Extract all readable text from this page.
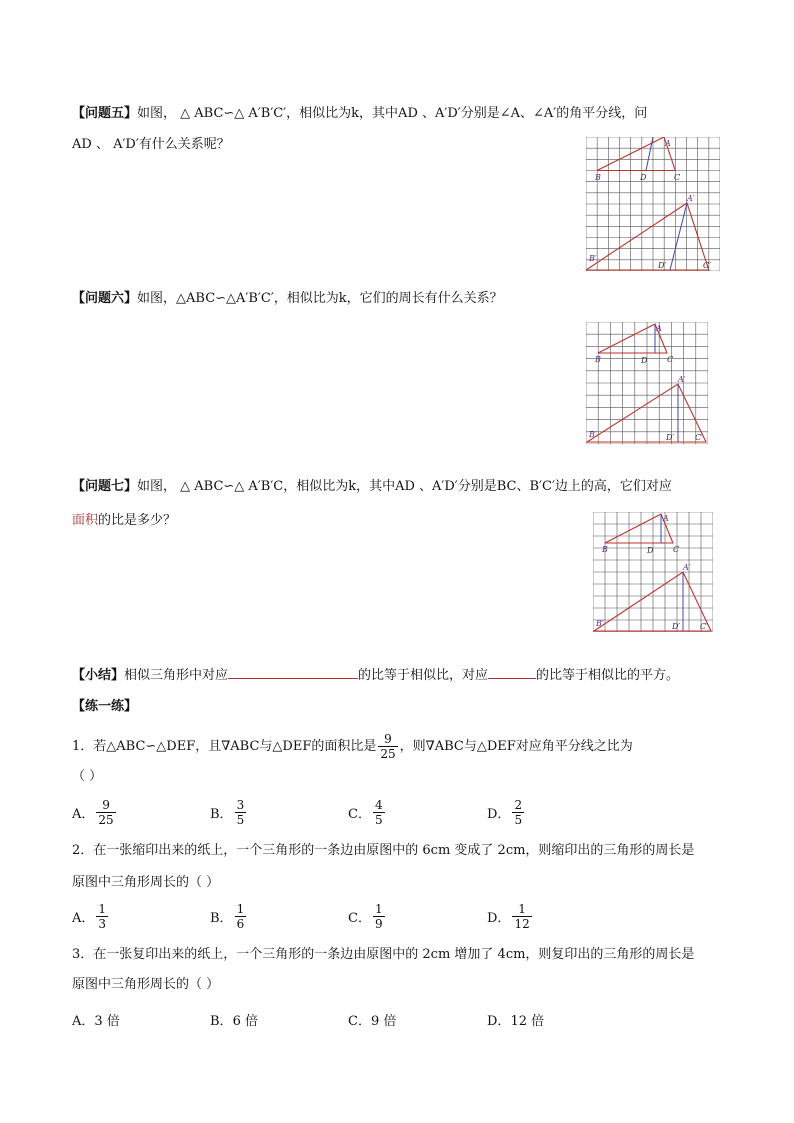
【问题五】如图， △ ABC∽△ A′B′C′，相似比为k，其中AD 、A′D′分别是∠A、∠A′的角平分线，问
AD 、 A′D′有什么关系呢？
B	D
A
C
B′
D′
A′
C′
【问题六】如图，△ABC∽△A′B′C′，相似比为k，它们的周长有什么关系？
B	D
A
C
B′	D′
A′
C′
【问题七】如图， △ ABC∽△ A′B′C，相似比为k，其中AD 、A′D′分别是BC、B′C′边上的高，它们对应
面积的比是多少？
B	D
A
C
B′	D′
A′
C′
【小结】相似三角形中对应	的比等于相似比，对应	的比等于相似比的平方。
【练一练】
1．若△ABC∽△DEF，且∇ABC与△DEF的面积比是 $\frac{9}{25}$ ，则∇ABC与△DEF对应角平分线之比为
（ ）
A． $\frac{9}{25}$	B． $\frac{3}{5}$	C． $\frac{4}{5}$	D． $\frac{2}{5}$
2．在一张缩印出来的纸上，一个三角形的一条边由原图中的 6cm 变成了 2cm，则缩印出的三角形的周长是
原图中三角形周长的（ ）
A． $\frac{1}{3}$	B． $\frac{1}{6}$	C． $\frac{1}{9}$	D． $\frac{1}{12}$
3．在一张复印出来的纸上，一个三角形的一条边由原图中的 2cm 增加了 4cm，则复印出的三角形的周长是
原图中三角形周长的（ ）
A．3 倍	B．6 倍	C．9 倍	D．12 倍
